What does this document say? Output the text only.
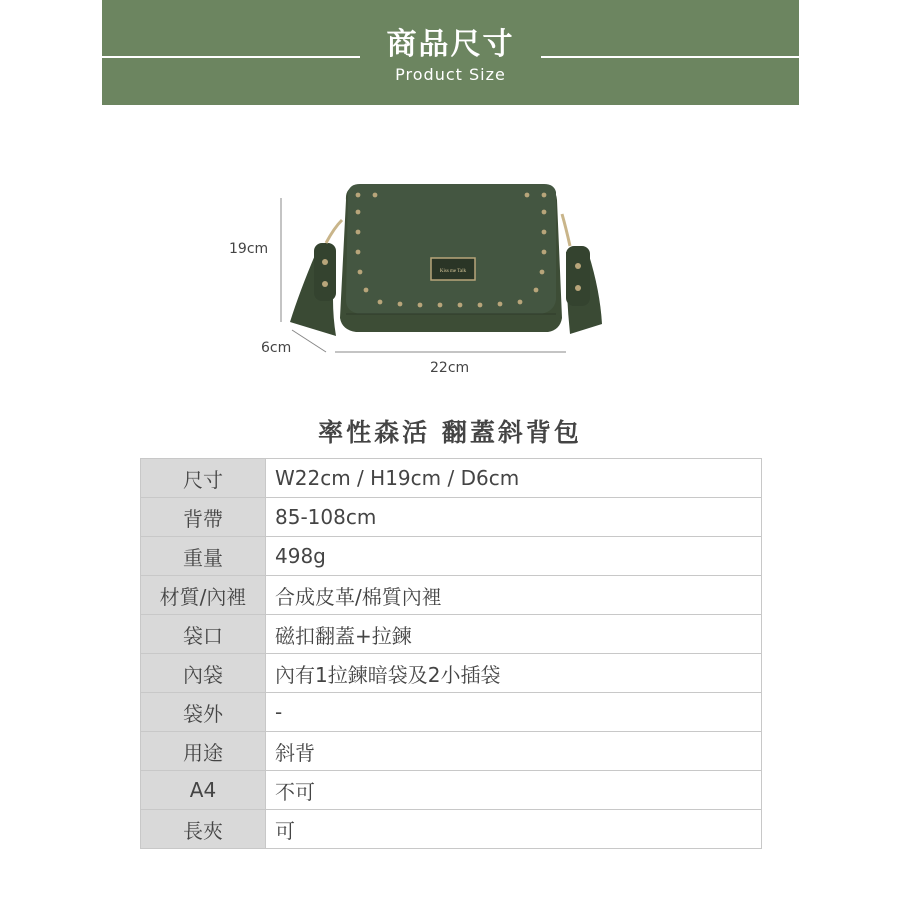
商品尺寸
Product Size
Kiss me Talk
19cm
6cm
22cm
率性森活 翻蓋斜背包
尺寸	W22cm / H19cm / D6cm
背帶	85-108cm
重量	498g
材質/內裡	合成皮革/棉質內裡
袋口	磁扣翻蓋+拉鍊
內袋	內有1拉鍊暗袋及2小插袋
袋外	-
用途	斜背
A4	不可
長夾	可
